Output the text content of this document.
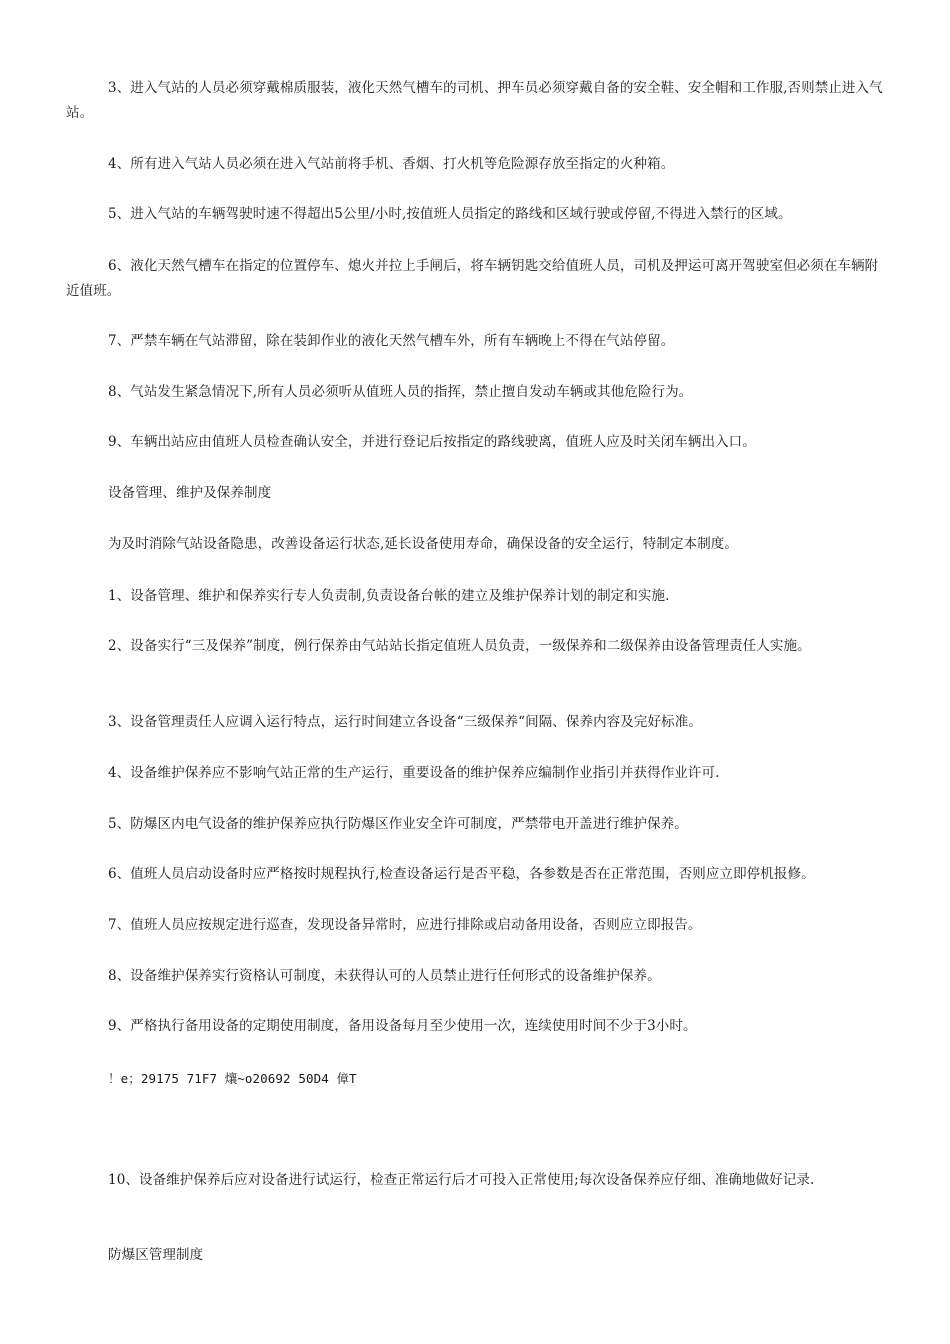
3、进入气站的人员必须穿戴棉质服装，液化天然气槽车的司机、押车员必须穿戴自备的安全鞋、安全帽和工作服,否则禁止进入气站。

4、所有进入气站人员必须在进入气站前将手机、香烟、打火机等危险源存放至指定的火种箱。

5、进入气站的车辆驾驶时速不得超出5公里/小时,按值班人员指定的路线和区域行驶或停留,不得进入禁行的区域。

6、液化天然气槽车在指定的位置停车、熄火并拉上手闸后，将车辆钥匙交给值班人员，司机及押运可离开驾驶室但必须在车辆附近值班。

7、严禁车辆在气站滞留，除在装卸作业的液化天然气槽车外，所有车辆晚上不得在气站停留。

8、气站发生紧急情况下,所有人员必须听从值班人员的指挥，禁止擅自发动车辆或其他危险行为。

9、车辆出站应由值班人员检查确认安全，并进行登记后按指定的路线驶离，值班人应及时关闭车辆出入口。

设备管理、维护及保养制度

为及时消除气站设备隐患，改善设备运行状态,延长设备使用寿命，确保设备的安全运行，特制定本制度。

1、设备管理、维护和保养实行专人负责制,负责设备台帐的建立及维护保养计划的制定和实施.

2、设备实行“三及保养”制度，例行保养由气站站长指定值班人员负责，一级保养和二级保养由设备管理责任人实施。

3、设备管理责任人应调入运行特点，运行时间建立各设备“三级保养“间隔、保养内容及完好标准。

4、设备维护保养应不影响气站正常的生产运行，重要设备的维护保养应编制作业指引并获得作业许可.

5、防爆区内电气设备的维护保养应执行防爆区作业安全许可制度，严禁带电开盖进行维护保养。

6、值班人员启动设备时应严格按时规程执行,检查设备运行是否平稳，各参数是否在正常范围，否则应立即停机报修。

7、值班人员应按规定进行巡查，发现设备异常时，应进行排除或启动备用设备，否则应立即报告。

8、设备维护保养实行资格认可制度，未获得认可的人员禁止进行任何形式的设备维护保养。

9、严格执行备用设备的定期使用制度，备用设备每月至少使用一次，连续使用时间不少于3小时。

！e；29175 71F7 爙~o20692 50D4 傽T

10、设备维护保养后应对设备进行试运行，检查正常运行后才可投入正常使用;每次设备保养应仔细、准确地做好记录.

防爆区管理制度
